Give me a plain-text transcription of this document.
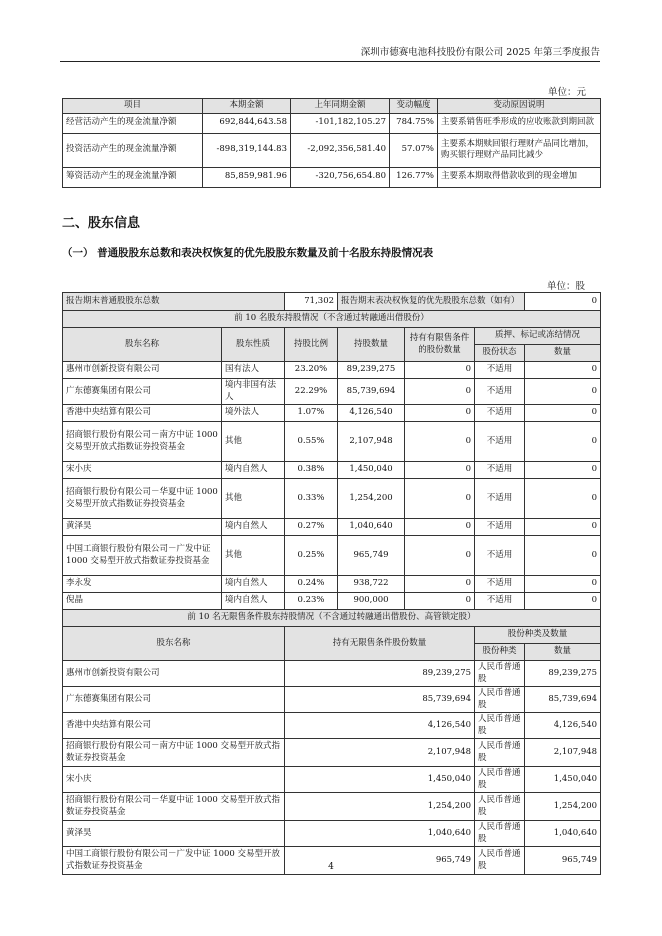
深圳市德赛电池科技股份有限公司 2025 年第三季度报告
单位：元
项目	本期金额	上年同期金额	变动幅度	变动原因说明
经营活动产生的现金流量净额	692,844,643.58	-101,182,105.27	784.75%	主要系销售旺季形成的应收账款到期回款
投资活动产生的现金流量净额	-898,319,144.83	-2,092,356,581.40	57.07%	主要系本期赎回银行理财产品同比增加，购买银行理财产品同比减少
筹资活动产生的现金流量净额	85,859,981.96	-320,756,654.80	126.77%	主要系本期取得借款收到的现金增加
二、股东信息
（一） 普通股股东总数和表决权恢复的优先股股东数量及前十名股东持股情况表
单位：股
报告期末普通股股东总数		71,302	报告期末表决权恢复的优先股股东总数（如有）			0
前 10 名股东持股情况（不含通过转融通出借股份）						
股东名称	股东性质	持股比例	持股数量	持有有限售条件的股份数量	质押、标记或冻结情况	
					股份状态	数量
惠州市创新投资有限公司	国有法人	23.20%	89,239,275	0	不适用	0
广东德赛集团有限公司	境内非国有法人	22.29%	85,739,694	0	不适用	0
香港中央结算有限公司	境外法人	1.07%	4,126,540	0	不适用	0
招商银行股份有限公司－南方中证 1000 交易型开放式指数证券投资基金	其他	0.55%	2,107,948	0	不适用	0
宋小庆	境内自然人	0.38%	1,450,040	0	不适用	0
招商银行股份有限公司－华夏中证 1000 交易型开放式指数证券投资基金	其他	0.33%	1,254,200	0	不适用	0
黄泽昊	境内自然人	0.27%	1,040,640	0	不适用	0
中国工商银行股份有限公司－广发中证 1000 交易型开放式指数证券投资基金	其他	0.25%	965,749	0	不适用	0
李永发	境内自然人	0.24%	938,722	0	不适用	0
倪晶	境内自然人	0.23%	900,000	0	不适用	0
前 10 名无限售条件股东持股情况（不含通过转融通出借股份、高管锁定股）						
股东名称		持有无限售条件股份数量			股份种类及数量	
					股份种类	数量
惠州市创新投资有限公司		89,239,275			人民币普通股	89,239,275
广东德赛集团有限公司		85,739,694			人民币普通股	85,739,694
香港中央结算有限公司		4,126,540			人民币普通股	4,126,540
招商银行股份有限公司－南方中证 1000 交易型开放式指数证券投资基金		2,107,948			人民币普通股	2,107,948
宋小庆		1,450,040			人民币普通股	1,450,040
招商银行股份有限公司－华夏中证 1000 交易型开放式指数证券投资基金		1,254,200			人民币普通股	1,254,200
黄泽昊		1,040,640			人民币普通股	1,040,640
中国工商银行股份有限公司－广发中证 1000 交易型开放式指数证券投资基金		965,749			人民币普通股	965,749
4
